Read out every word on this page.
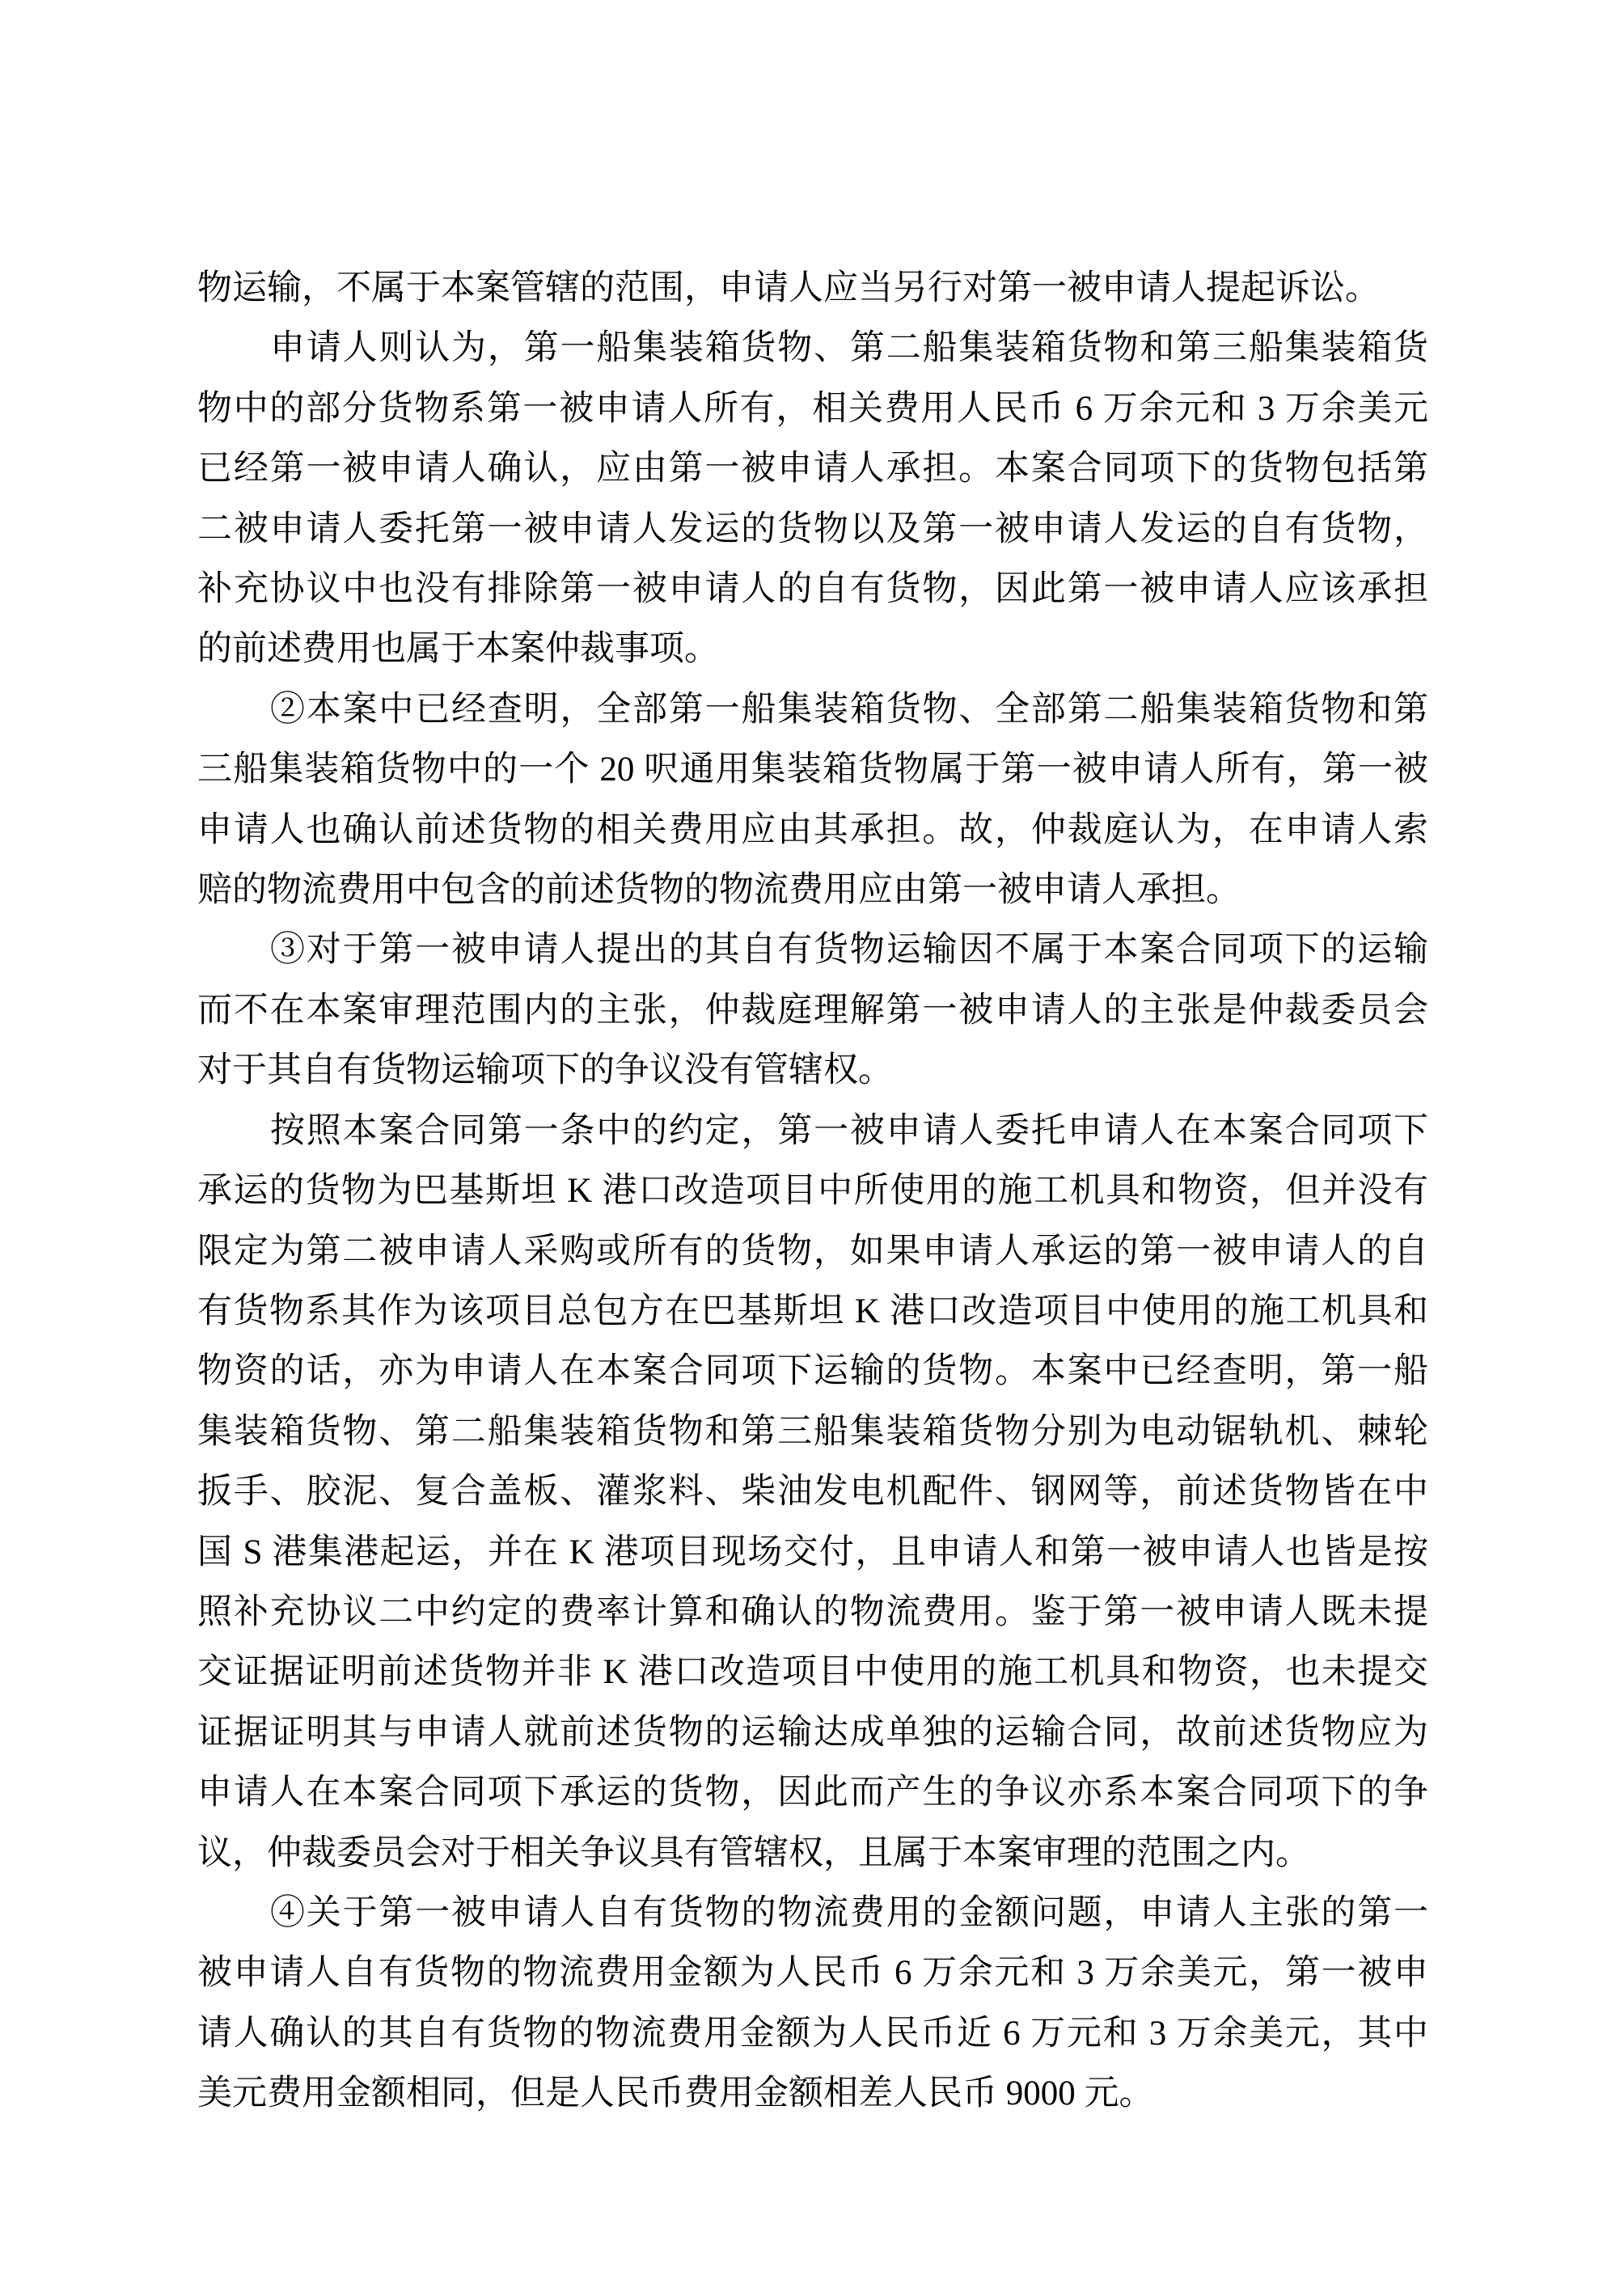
物运输，不属于本案管辖的范围，申请人应当另行对第一被申请人提起诉讼。
申请人则认为，第一船集装箱货物、第二船集装箱货物和第三船集装箱货
物中的部分货物系第一被申请人所有，相关费用人民币 6 万余元和 3 万余美元
已经第一被申请人确认，应由第一被申请人承担。本案合同项下的货物包括第
二被申请人委托第一被申请人发运的货物以及第一被申请人发运的自有货物，
补充协议中也没有排除第一被申请人的自有货物，因此第一被申请人应该承担
的前述费用也属于本案仲裁事项。
②本案中已经查明，全部第一船集装箱货物、全部第二船集装箱货物和第
三船集装箱货物中的一个 20 呎通用集装箱货物属于第一被申请人所有，第一被
申请人也确认前述货物的相关费用应由其承担。故，仲裁庭认为，在申请人索
赔的物流费用中包含的前述货物的物流费用应由第一被申请人承担。
③对于第一被申请人提出的其自有货物运输因不属于本案合同项下的运输
而不在本案审理范围内的主张，仲裁庭理解第一被申请人的主张是仲裁委员会
对于其自有货物运输项下的争议没有管辖权。
按照本案合同第一条中的约定，第一被申请人委托申请人在本案合同项下
承运的货物为巴基斯坦 K 港口改造项目中所使用的施工机具和物资，但并没有
限定为第二被申请人采购或所有的货物，如果申请人承运的第一被申请人的自
有货物系其作为该项目总包方在巴基斯坦 K 港口改造项目中使用的施工机具和
物资的话，亦为申请人在本案合同项下运输的货物。本案中已经查明，第一船
集装箱货物、第二船集装箱货物和第三船集装箱货物分别为电动锯轨机、棘轮
扳手、胶泥、复合盖板、灌浆料、柴油发电机配件、钢网等，前述货物皆在中
国 S 港集港起运，并在 K 港项目现场交付，且申请人和第一被申请人也皆是按
照补充协议二中约定的费率计算和确认的物流费用。鉴于第一被申请人既未提
交证据证明前述货物并非 K 港口改造项目中使用的施工机具和物资，也未提交
证据证明其与申请人就前述货物的运输达成单独的运输合同，故前述货物应为
申请人在本案合同项下承运的货物，因此而产生的争议亦系本案合同项下的争
议，仲裁委员会对于相关争议具有管辖权，且属于本案审理的范围之内。
④关于第一被申请人自有货物的物流费用的金额问题，申请人主张的第一
被申请人自有货物的物流费用金额为人民币 6 万余元和 3 万余美元，第一被申
请人确认的其自有货物的物流费用金额为人民币近 6 万元和 3 万余美元，其中
美元费用金额相同，但是人民币费用金额相差人民币 9000 元。
